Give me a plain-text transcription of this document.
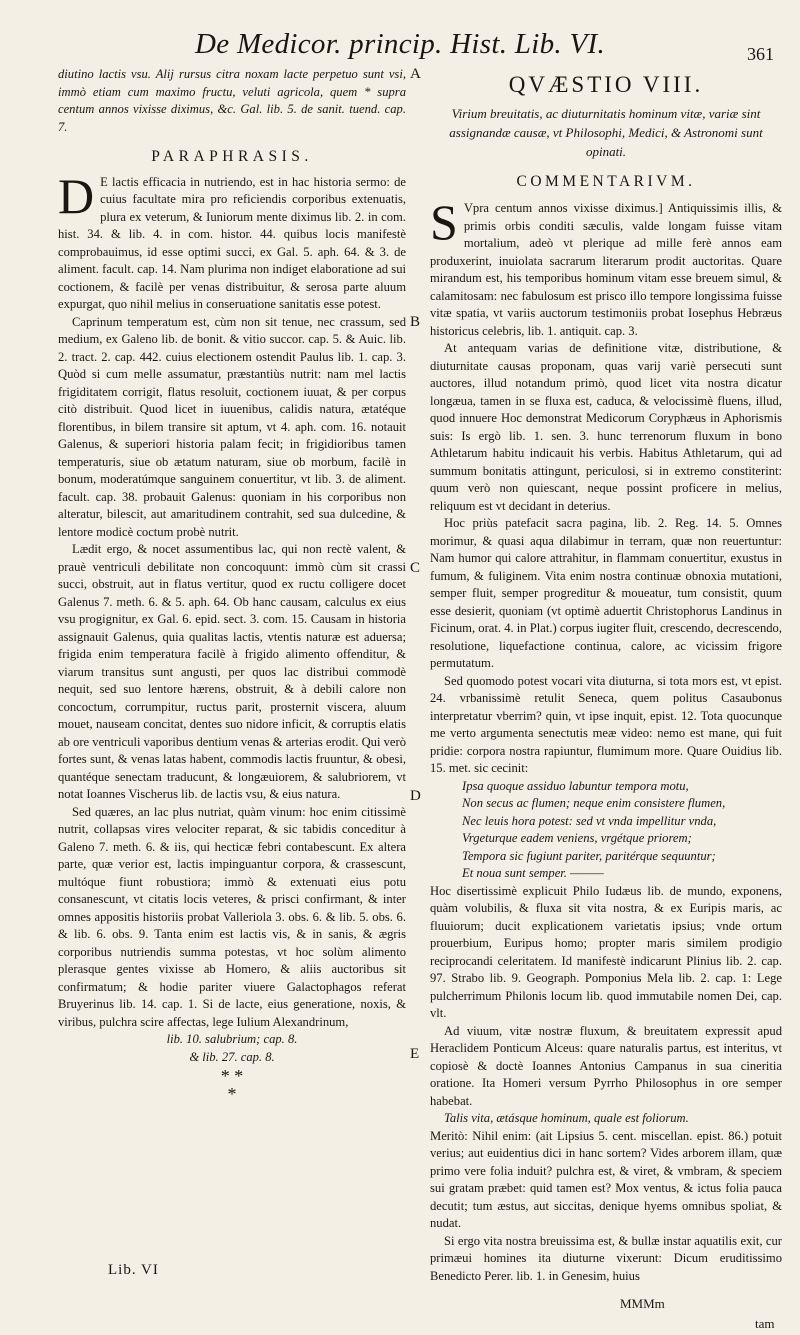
De Medicor. princip. Hist. Lib. VI.	361

diutino lactis vsu. Alij rursus citra noxam lacte perpetuo sunt vsi, immò etiam cum maximo fructu, veluti agricola, quem * supra centum annos vixisse diximus, &c. Gal. lib. 5. de sanit. tuend. cap. 7.

PARAPHRASIS.

D E lactis efficacia in nutriendo, est in hac historia sermo: de cuius facultate mira pro reficiendis corporibus extenuatis, plura ex veterum, & Iuniorum mente diximus lib. 2. in com. hist. 34. & lib. 4. in com. histor. 44. quibus locis manifestè comprobauimus, id esse optimi succi, ex Gal. 5. aph. 64. & 3. de aliment. facult. cap. 14. Nam plurima non indiget elaboratione ad sui coctionem, & facilè per venas distribuitur, & serosa parte aluum expurgat, quo nihil melius in conseruatione sanitatis esse potest.

Caprinum temperatum est, cùm non sit tenue, nec crassum, sed medium, ex Galeno lib. de bonit. & vitio succor. cap. 5. & Auic. lib. 2. tract. 2. cap. 442. cuius electionem ostendit Paulus lib. 1. cap. 3. Quòd si cum melle assumatur, præstantiùs nutrit: nam mel lactis frigiditatem corrigit, flatus resoluit, coctionem iuuat, & per corpus citò distribuit. Quod licet in iuuenibus, calidis natura, ætatéque florentibus, in bilem transire sit aptum, vt 4. aph. com. 16. notauit Galenus, & superiori historia palam fecit; in frigidioribus tamen temperaturis, siue ob ætatum naturam, siue ob morbum, facilè in bonum, moderatúmque sanguinem conuertitur, vt lib. 3. de aliment. facult. cap. 38. probauit Galenus: quoniam in his corporibus non alteratur, bilescit, aut amaritudinem contrahit, sed sua dulcedine, & lentore modicè coctum probè nutrit.

Lædit ergo, & nocet assumentibus lac, qui non rectè valent, & prauè ventriculi debilitate non concoquunt: immò cùm sit crassi succi, obstruit, aut in flatus vertitur, quod ex ructu colligere docet Galenus 7. meth. 6. & 5. aph. 64. Ob hanc causam, calculus ex eius vsu progignitur, ex Gal. 6. epid. sect. 3. com. 15. Causam in historia assignauit Galenus, quia qualitas lactis, vtentis naturæ est aduersa; frigida enim temperatura facilè à frigido alimento offenditur, & viarum transitus sunt angusti, per quos lac distribui commodè nequit, sed suo lentore hærens, obstruit, & à debili calore non concoctum, corrumpitur, ructus parit, prosternit viscera, aluum mouet, nauseam concitat, dentes suo nidore inficit, & corruptis elatis ab ore ventriculi vaporibus dentium venas & arterias erodit. Qui verò fortes sunt, & venas latas habent, commodis lactis fruuntur, & obesi, quantéque senectam traducunt, & longæuiorem, & salubriorem, vt notat Ioannes Vischerus lib. de lactis vsu, & eius natura.

Sed quæres, an lac plus nutriat, quàm vinum: hoc enim citissimè nutrit, collapsas vires velociter reparat, & sic tabidis conceditur à Galeno 7. meth. 6. & iis, qui hecticæ febri contabescunt. Ex altera parte, quæ verior est, lactis impinguantur corpora, & crassescunt, multóque fiunt robustiora; immò & extenuati eius potu consanescunt, vt citatis locis veteres, & prisci confirmant, & inter omnes appositis historiis probat Valleriola 3. obs. 6. & lib. 5. obs. 6. & lib. 6. obs. 9. Tanta enim est lactis vis, & in sanis, & ægris corporibus nutriendis summa potestas, vt hoc solùm alimento plerasque gentes vixisse ab Homero, & aliis auctoribus sit confirmatum; & hodie pariter viuere Galactophagos referat Bruyerinus lib. 14. cap. 1. Si de lacte, eius generatione, noxis, & viribus, pulchra scire affectas, lege Iulium Alexandrinum,

lib. 10. salubrium; cap. 8.

& lib. 27. cap. 8.

* *
*
A
B
C
D
E
QVÆSTIO VIII.
Virium breuitatis, ac diuturnitatis hominum vitæ, variæ sint assignandæ causæ, vt Philosophi, Medici, & Astronomi sunt opinati.
COMMENTARIVM.

S Vpra centum annos vixisse diximus.] Antiquissimis illis, & primis orbis conditi sæculis, valde longam fuisse vitam mortalium, adeò vt plerique ad mille ferè annos eam produxerint, inuiolata sacrarum literarum prodit auctoritas. Quare mirandum est, his temporibus hominum vitam esse breuem simul, & calamitosam: nec fabulosum est prisco illo tempore longissima fuisse vitæ spatia, vt variis auctorum testimoniis probat Iosephus Hebræus historicus celebris, lib. 1. antiquit. cap. 3.

At antequam varias de definitione vitæ, distributione, & diuturnitate causas proponam, quas varij variè persecuti sunt auctores, illud notandum primò, quod licet vita nostra dicatur longæua, tamen in se fluxa est, caduca, & velocissimè fluens, illud, quod innuere Hoc demonstrat Medicorum Coryphæus in Aphorismis suis: Is ergò lib. 1. sen. 3. hunc terrenorum fluxum in bono Athletarum habitu indicauit his verbis. Habitus Athletarum, qui ad summum bonitatis attingunt, periculosi, si in extremo constiterint: quum verò non quiescant, neque possint proficere in melius, reliquum est vt decidant in deterius.

Hoc priùs patefacit sacra pagina, lib. 2. Reg. 14. 5. Omnes morimur, & quasi aqua dilabimur in terram, quæ non reuertuntur: Nam humor qui calore attrahitur, in flammam conuertitur, exustus in fumum, & fuliginem. Vita enim nostra continuæ obnoxia mutationi, semper fluit, semper progreditur & moueatur, tum consistit, quum esse desierit, quoniam (vt optimè aduertit Christophorus Landinus in Ficinum, orat. 4. in Plat.) corpus iugiter fluit, crescendo, decrescendo, resolutione, liquefactione continua, calore, ac vicissim frigore permutatum.

Sed quomodo potest vocari vita diuturna, si tota mors est, vt epist. 24. vrbanissimè retulit Seneca, quem politus Casaubonus interpretatur vberrim? quin, vt ipse inquit, epist. 12. Tota quocunque me verto argumenta senectutis meæ video: nemo est mane, qui fuit pridie: corpora nostra rapiuntur, flumimum more. Quare Ouidius lib. 15. met. sic cecinit:

Ipsa quoque assiduo labuntur tempora motu,

Non secus ac flumen; neque enim consistere flumen,

Nec leuis hora potest: sed vt vnda impellitur vnda,

Vrgeturque eadem veniens, vrgétque priorem;

Tempora sic fugiunt pariter, paritérque sequuntur;

Et noua sunt semper. ———

Hoc disertissimè explicuit Philo Iudæus lib. de mundo, exponens, quàm volubilis, & fluxa sit vita nostra, & ex Euripis maris, ac fluuiorum; ducit explicationem varietatis ipsius; vnde ortum prouerbium, Euripus homo; propter maris similem prodigio reciprocandi celeritatem. Id manifestè indicarunt Plinius lib. 2. cap. 97. Strabo lib. 9. Geograph. Pomponius Mela lib. 2. cap. 1: Lege pulcherrimum Philonis locum lib. quod immutabile nomen Dei, cap. vlt.

Ad viuum, vitæ nostræ fluxum, & breuitatem expressit apud Heraclidem Ponticum Alceus: quare naturalis partus, est interitus, vt copiosè & doctè Ioannes Antonius Campanus in sua cineritia oratione. Ita Homeri versum Pyrrho Philosophus in ore semper habebat.

Talis vita, ætásque hominum, quale est foliorum.

Meritò: Nihil enim: (ait Lipsius 5. cent. miscellan. epist. 86.) potuit verius; aut euidentius dici in hanc sortem? Vides arborem illam, quæ primo vere folia induit? pulchra est, & viret, & vmbram, & speciem sui gratam præbet: quid tamen est? Mox ventus, & ictus folia pauca decutit; tum æstus, aut siccitas, denique hyems omnibus spoliat, & nudat.

Si ergo vita nostra breuissima est, & bullæ instar aquatilis exit, cur primæui homines ita diuturne vixerunt: Dicum eruditissimo Benedicto Perer. lib. 1. in Genesim, huius

Lib. VI
MMMm
tam
